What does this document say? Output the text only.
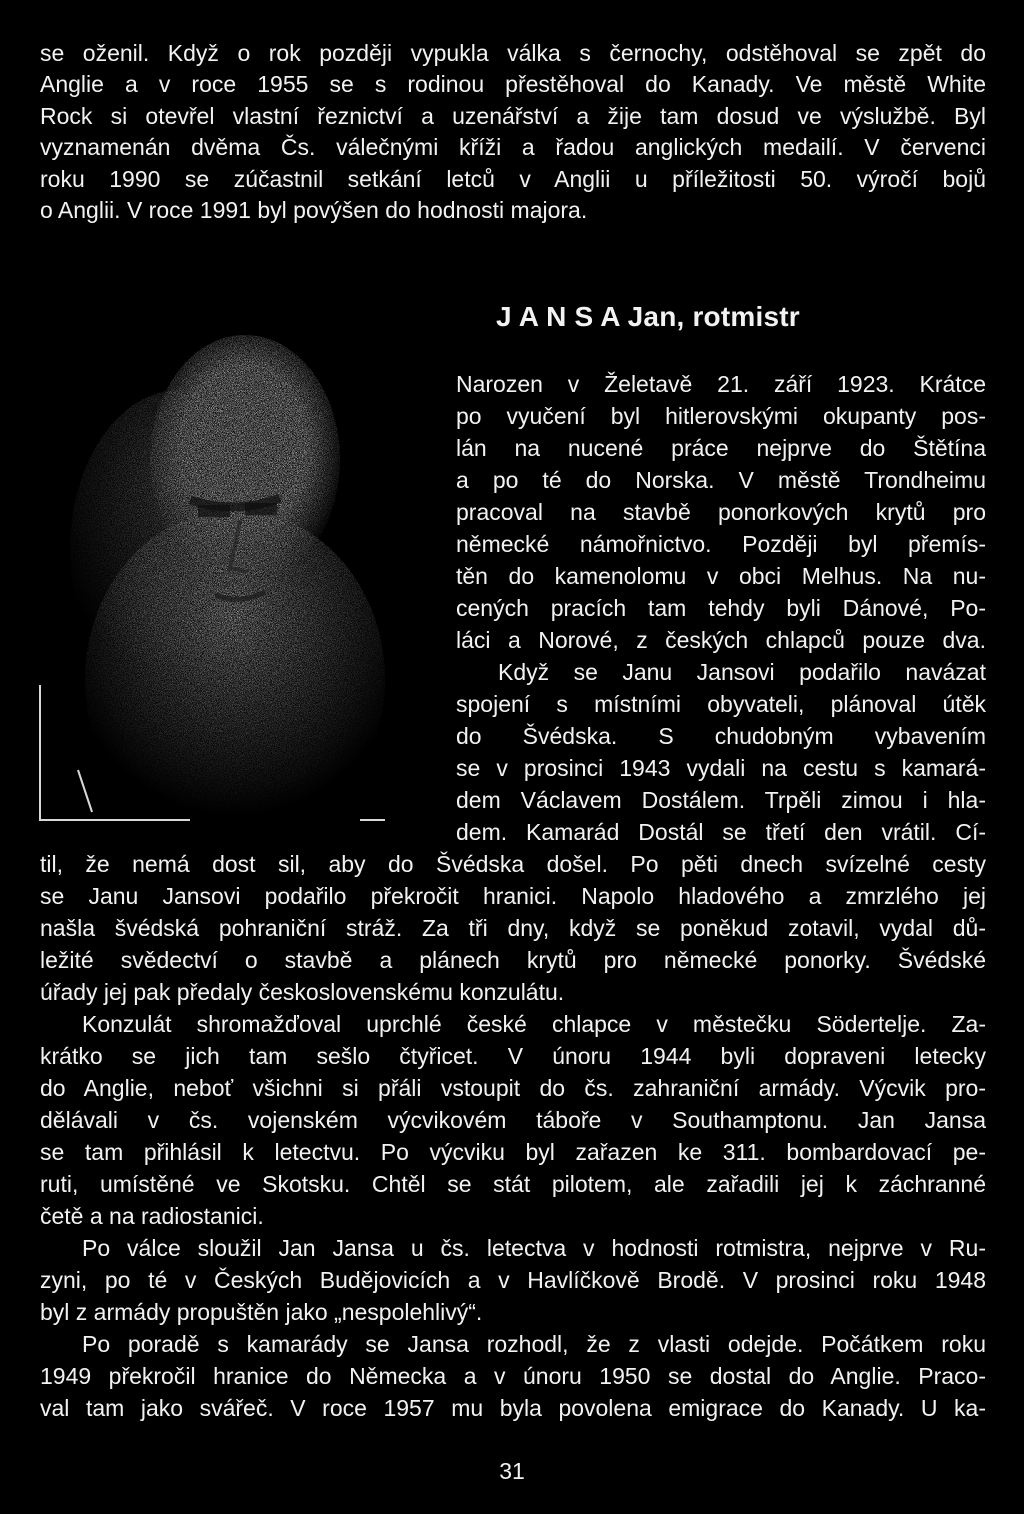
se oženil. Když o rok později vypukla válka s černochy, odstěhoval se zpět do
Anglie a v roce 1955 se s rodinou přestěhoval do Kanady. Ve městě White
Rock si otevřel vlastní řeznictví a uzenářství a žije tam dosud ve výslužbě. Byl
vyznamenán dvěma Čs. válečnými kříži a řadou anglických medailí. V červenci
roku 1990 se zúčastnil setkání letců v Anglii u příležitosti 50. výročí bojů
o Anglii. V roce 1991 byl povýšen do hodnosti majora.
J A N S A Jan, rotmistr
Narozen v Želetavě 21. září 1923. Krátce
po vyučení byl hitlerovskými okupanty pos-
lán na nucené práce nejprve do Štětína
a po té do Norska. V městě Trondheimu
pracoval na stavbě ponorkových krytů pro
německé námořnictvo. Později byl přemís-
těn do kamenolomu v obci Melhus. Na nu-
cených pracích tam tehdy byli Dánové, Po-
láci a Norové, z českých chlapců pouze dva.
Když se Janu Jansovi podařilo navázat
spojení s místními obyvateli, plánoval útěk
do Švédska. S chudobným vybavením
se v prosinci 1943 vydali na cestu s kamará-
dem Václavem Dostálem. Trpěli zimou i hla-
dem. Kamarád Dostál se třetí den vrátil. Cí-
til, že nemá dost sil, aby do Švédska došel. Po pěti dnech svízelné cesty
se Janu Jansovi podařilo překročit hranici. Napolo hladového a zmrzlého jej
našla švédská pohraniční stráž. Za tři dny, když se poněkud zotavil, vydal dů-
ležité svědectví o stavbě a plánech krytů pro německé ponorky. Švédské
úřady jej pak předaly československému konzulátu.
Konzulát shromažďoval uprchlé české chlapce v městečku Södertelje. Za-
krátko se jich tam sešlo čtyřicet. V únoru 1944 byli dopraveni letecky
do Anglie, neboť všichni si přáli vstoupit do čs. zahraniční armády. Výcvik pro-
dělávali v čs. vojenském výcvikovém táboře v Southamptonu. Jan Jansa
se tam přihlásil k letectvu. Po výcviku byl zařazen ke 311. bombardovací pe-
ruti, umístěné ve Skotsku. Chtěl se stát pilotem, ale zařadili jej k záchranné
četě a na radiostanici.
Po válce sloužil Jan Jansa u čs. letectva v hodnosti rotmistra, nejprve v Ru-
zyni, po té v Českých Budějovicích a v Havlíčkově Brodě. V prosinci roku 1948
byl z armády propuštěn jako „nespolehlivý“.
Po poradě s kamarády se Jansa rozhodl, že z vlasti odejde. Počátkem roku
1949 překročil hranice do Německa a v únoru 1950 se dostal do Anglie. Praco-
val tam jako svářeč. V roce 1957 mu byla povolena emigrace do Kanady. U ka-
31
